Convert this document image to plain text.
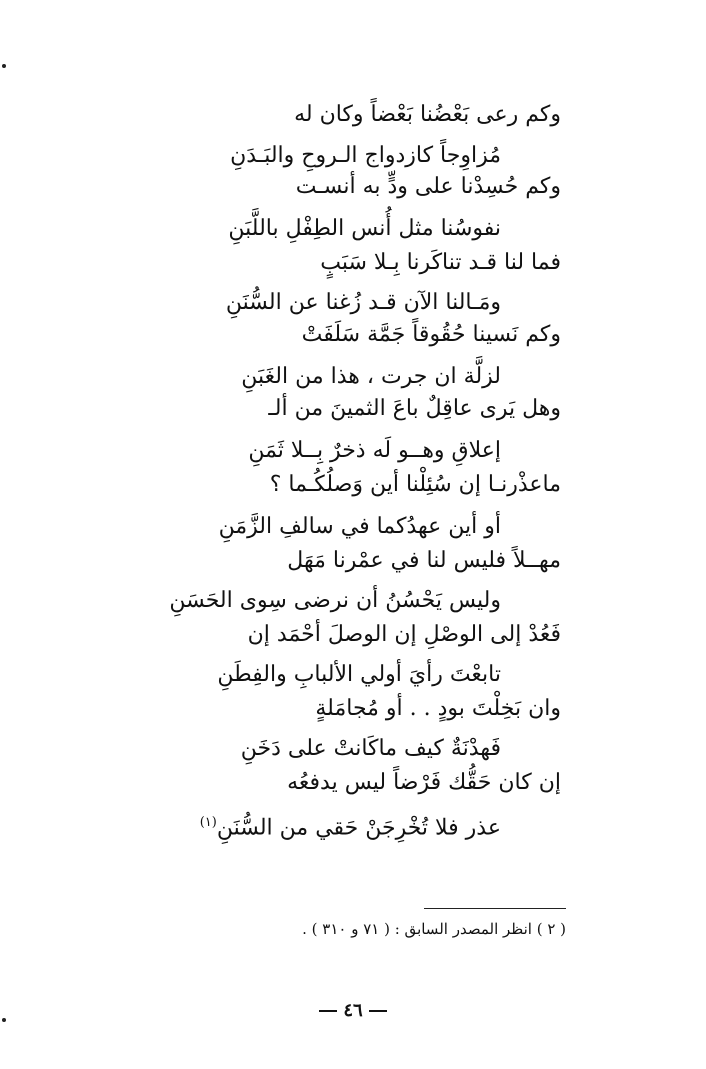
وكم رعى بَعْضُنا بَعْضاً وكان له
مُزاوِجاً كازدواج الـروحِ والبَـدَنِ
وكم حُسِدْنا على ودٍّ به أنسـت
نفوسُنا مثل أُنس الطِفْلِ باللَّبَنِ
فما لنا قـد تناكَرنا بِـلا سَبَبٍ
ومَـالنا الآن قـد زُغنا عن السُّنَنِ
وكم نَسينا حُقُوقاً جَمَّة سَلَفَتْ
لزلَّة ان جرت ، هذا من الغَبَنِ
وهل يَرى عاقِلٌ باعَ الثمينَ من ألـ
إعلاقِ وهــو لَه ذخرٌ بِــلا ثَمَنِ
ماعذْرنـا إن سُئِلْنا أين وَصلُكُـما ؟
أو أين عهدُكما في سالفِ الزَّمَنِ
مهــلاً فليس لنا في عمْرنا مَهَل
وليس يَحْسُنُ أن نرضى سِوى الحَسَنِ
فَعُدْ إلى الوصْلِ إن الوصلَ أحْمَد إن
تابعْتَ رأيَ أولي الألبابِ والفِطَنِ
وان بَخِلْتَ بودٍ . . أو مُجامَلةٍ
فَهدْنَةٌ كيف ماكَانتْ على دَخَنِ
إن كان حَقُّك فَرْضاً ليس يدفعُه
عذر فلا تُخْرِجَنْ حَقي من السُّنَنِ$^{(١)}$
( ٢ ) انظر المصدر السابق : ( ٧١ و ٣١٠ ) .
٤٦
